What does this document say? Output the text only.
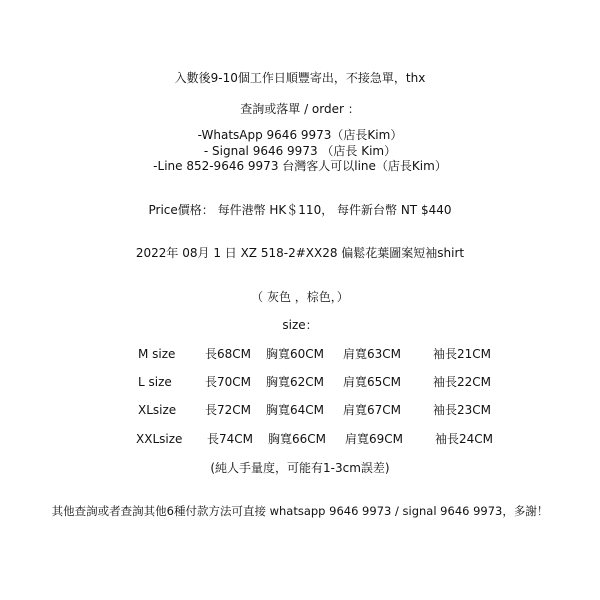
入數後9-10個工作日順豐寄出，不接急單，thx
查詢或落單 / order ：
-WhatsApp 9646 9973（店長Kim）
- Signal 9646 9973 （店長 Kim）
-Line 852-9646 9973 台灣客人可以line（店長Kim）
Price價格： 每件港幣 HK＄110， 每件新台幣 NT $440
2022年 08月 1 日 XZ 518-2#XX28 偏鬆花葉圖案短袖shirt
（ 灰色 ，棕色，）
size：
M size 長68CM 胸寬60CM 肩寬63CM	袖長21CM
L size	長70CM 胸寬62CM 肩寬65CM	袖長22CM
XLsize 長72CM 胸寬64CM 肩寬67CM	袖長23CM
XXLsize 長74CM 胸寬66CM 肩寬69CM	袖長24CM
(純人手量度，可能有1-3cm誤差)
其他查詢或者查詢其他6種付款方法可直接 whatsapp 9646 9973 / signal 9646 9973，多謝！
